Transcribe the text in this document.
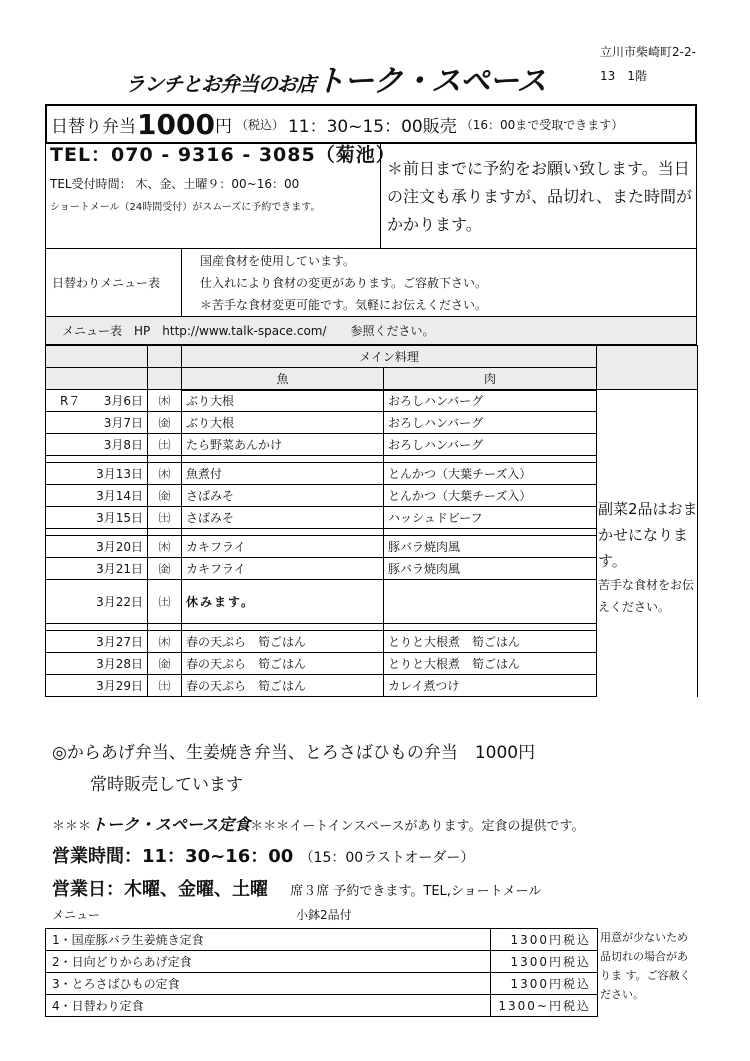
ランチとお弁当のお店トーク・スペース
立川市柴崎町2-2-13　1階
日替り弁当 1000 円 （税込） 11：30~15：00販売 （16：00まで受取できます）
TEL：070 - 9316 - 3085（菊池）
TEL受付時間： 木、金、土曜９：00~16：00
ショートメール（24時間受付）がスムーズに予約できます。
＊前日までに予約をお願い致します。当日の注文も承りますが、品切れ、また時間がかかります。
日替わりメニュー表
国産食材を使用しています。
仕入れにより食材の変更があります。ご容赦下さい。
＊苦手な食材変更可能です。気軽にお伝えください。
メニュー表　HP　http://www.talk-space.com/　　参照ください。
		メイン料理		
		魚	肉	

R７ 3月6日	㈭	ぶり大根	おろしハンバーグ	

3月7日	㈮	ぶり大根	おろしハンバーグ	

3月8日	㈯	たら野菜あんかけ	おろしハンバーグ	

3月13日	㈭	魚煮付	とんかつ（大葉チーズ入）	

3月14日	㈮	さばみそ	とんかつ（大葉チーズ入）	

3月15日	㈯	さばみそ	ハッシュドビーフ	

3月20日	㈭	カキフライ	豚バラ焼肉風	

3月21日	㈮	カキフライ	豚バラ焼肉風	

3月22日	㈯	休みます。		

3月27日	㈭	春の天ぷら　筍ごはん	とりと大根煮　筍ごはん	

3月28日	㈮	春の天ぷら　筍ごはん	とりと大根煮　筍ごはん	

3月29日	㈯	春の天ぷら　筍ごはん	カレイ煮つけ	
副菜2品はおまかせになります。
苦手な食材をお伝えください。
◎からあげ弁当、生姜焼き弁当、とろさばひもの弁当　1000円
常時販売しています
＊＊＊トーク・スペース定食＊＊＊イートインスペースがあります。定食の提供です。
営業時間：11：30~16：00 （15：00ラストオーダー）
営業日：木曜、金曜、土曜 席３席 予約できます。TEL,ショートメール
メニュー	小鉢2品付
1・国産豚バラ生姜焼き定食	1300円税込
2・日向どりからあげ定食	1300円税込
3・とろさばひもの定食	1300円税込
4・日替わり定食	1300~円税込
用意が少ないため品切れの場合がありま す。ご容赦ください。
